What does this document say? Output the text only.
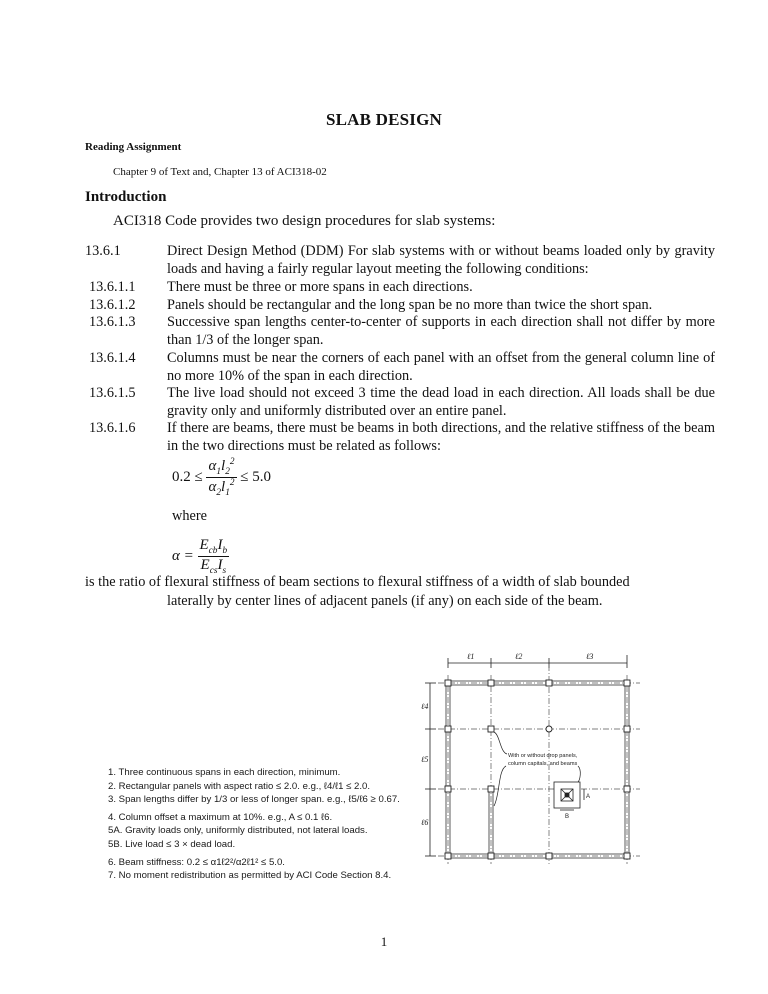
SLAB DESIGN
Reading Assignment
Chapter 9 of Text and, Chapter 13 of ACI318-02
Introduction
ACI318 Code provides two design procedures for slab systems:
13.6.1	Direct Design Method (DDM) For slab systems with or without beams loaded only by gravity loads and having a fairly regular layout meeting the following conditions:
13.6.1.1 There must be three or more spans in each directions.
13.6.1.2 Panels should be rectangular and the long span be no more than twice the short span.
13.6.1.3 Successive span lengths center-to-center of supports in each direction shall not differ by more than 1/3 of the longer span.
13.6.1.4 Columns must be near the corners of each panel with an offset from the general column line of no more 10% of the span in each direction.
13.6.1.5 The live load should not exceed 3 time the dead load in each direction. All loads shall be due gravity only and uniformly distributed over an entire panel.
13.6.1.6 If there are beams, there must be beams in both directions, and the relative stiffness of the beam in the two directions must be related as follows:
$0.2 \le \frac{\alpha_1l_2^2}{\alpha_2l_1^2} \le 5.0$
where
$\alpha = \frac{E_{cb}I_b}{E_{cs}I_s}$
is the ratio of flexural stiffness of beam sections to flexural stiffness of a width of slab bounded
laterally by center lines of adjacent panels (if any) on each side of the beam.
1. Three continuous spans in each direction, minimum.
2. Rectangular panels with aspect ratio ≤ 2.0. e.g., ℓ4/ℓ1 ≤ 2.0.
3. Span lengths differ by 1/3 or less of longer span. e.g., ℓ5/ℓ6 ≥ 0.67.
4. Column offset a maximum at 10%. e.g., A ≤ 0.1 ℓ6.
5A. Gravity loads only, uniformly distributed, not lateral loads.
5B. Live load ≤ 3 × dead load.
6. Beam stiffness: 0.2 ≤ α1ℓ2²/α2ℓ1² ≤ 5.0.
7. No moment redistribution as permitted by ACI Code Section 8.4.
ℓ1	ℓ2	ℓ3
ℓ4
ℓ5
ℓ6
A
B
With or without drop panels,
column capitals, and beams
1
